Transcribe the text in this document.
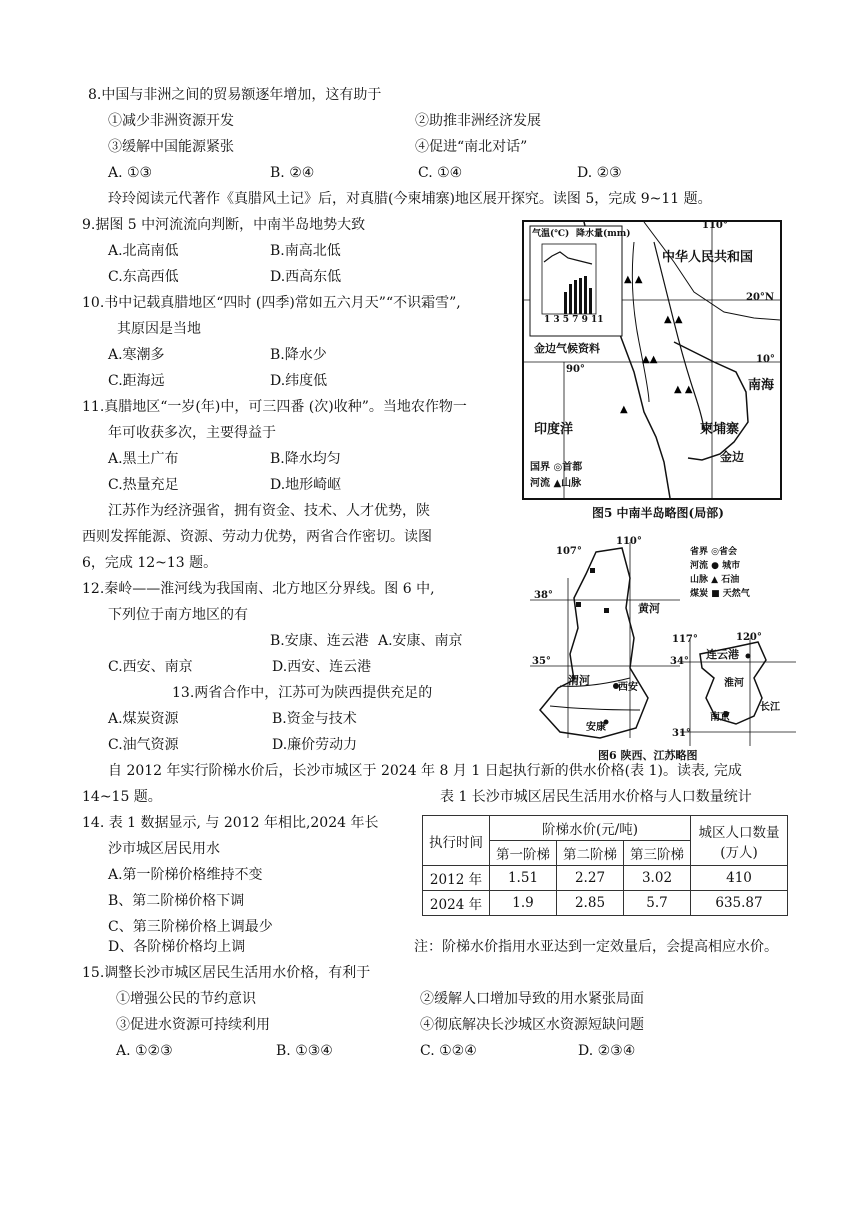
8.中国与非洲之间的贸易额逐年增加，这有助于
①减少非洲资源开发	②助推非洲经济发展
③缓解中国能源紧张	④促进“南北对话”
A. ①③	B. ②④	C. ①④	D. ②③
玲玲阅读元代著作《真腊风土记》后，对真腊(今柬埔寨)地区展开探究。读图 5，完成 9~11 题。
9.据图 5 中河流流向判断，中南半岛地势大致
A.北高南低	B.南高北低
C.东高西低	D.西高东低
10.书中记载真腊地区“四时 (四季)常如五六月天”“不识霜雪”,
其原因是当地
A.寒潮多	B.降水少
C.距海远	D.纬度低
11.真腊地区“一岁(年)中，可三四番 (次)收种”。当地农作物一
年可收获多次，主要得益于
A.黑土广布	B.降水均匀
C.热量充足	D.地形崎岖
江苏作为经济强省，拥有资金、技术、人才优势，陕
西则发挥能源、资源、劳动力优势，两省合作密切。读图
6，完成 12~13 题。
12.秦岭——淮河线为我国南、北方地区分界线。图 6 中,
下列位于南方地区的有
B.安康、连云港 A.安康、南京
C.西安、南京	D.西安、连云港
13.两省合作中，江苏可为陕西提供充足的
A.煤炭资源	B.资金与技术
C.油气资源	D.廉价劳动力
自 2012 年实行阶梯水价后，长沙市城区于 2024 年 8 月 1 日起执行新的供水价格(表 1)。读表, 完成
14~15 题。	表 1 长沙市城区居民生活用水价格与人口数量统计
执行时间	阶梯水价(元/吨)			城区人口数量
(万人)
	第一阶梯	第二阶梯	第三阶梯	
2012 年	1.51	2.27	3.02	410
2024 年	1.9	2.85	5.7	635.87
14. 表 1 数据显示, 与 2012 年相比,2024 年长
沙市城区居民用水
A.第一阶梯价格维持不变
B、第二阶梯价格下调
C、第三阶梯价格上调最少
D、各阶梯价格均上调	注：阶梯水价指用水亚达到一定效量后，会提高相应水价。
15.调整长沙市城区居民生活用水价格，有利于
①增强公民的节约意识	②缓解人口增加导致的用水紧张局面
③促进水资源可持续利用	④彻底解决长沙城区水资源短缺问题
A. ①②③	B. ①③④	C. ①②④	D. ②③④
▲ ▲
▲ ▲
▲▲
▲ ▲
▲
气温(℃) 降水量(mm)
1 3 5 7 9 11
金边气候资料
中华人民共和国
110°
20°N
10°
90°
南海
印度洋	柬埔寨
金边
国界 ◎首都
河流 ▲山脉
图5 中南半岛略图(局部)
110°
107°
38°
35°
黄河
渭河
西安
安康
117°	120°
34°
31°
连云港
淮河
南京
长江
省界 ◎省会
河流 ● 城市
山脉 ▲ 石油
煤炭 ■ 天然气
图6 陕西、江苏略图
